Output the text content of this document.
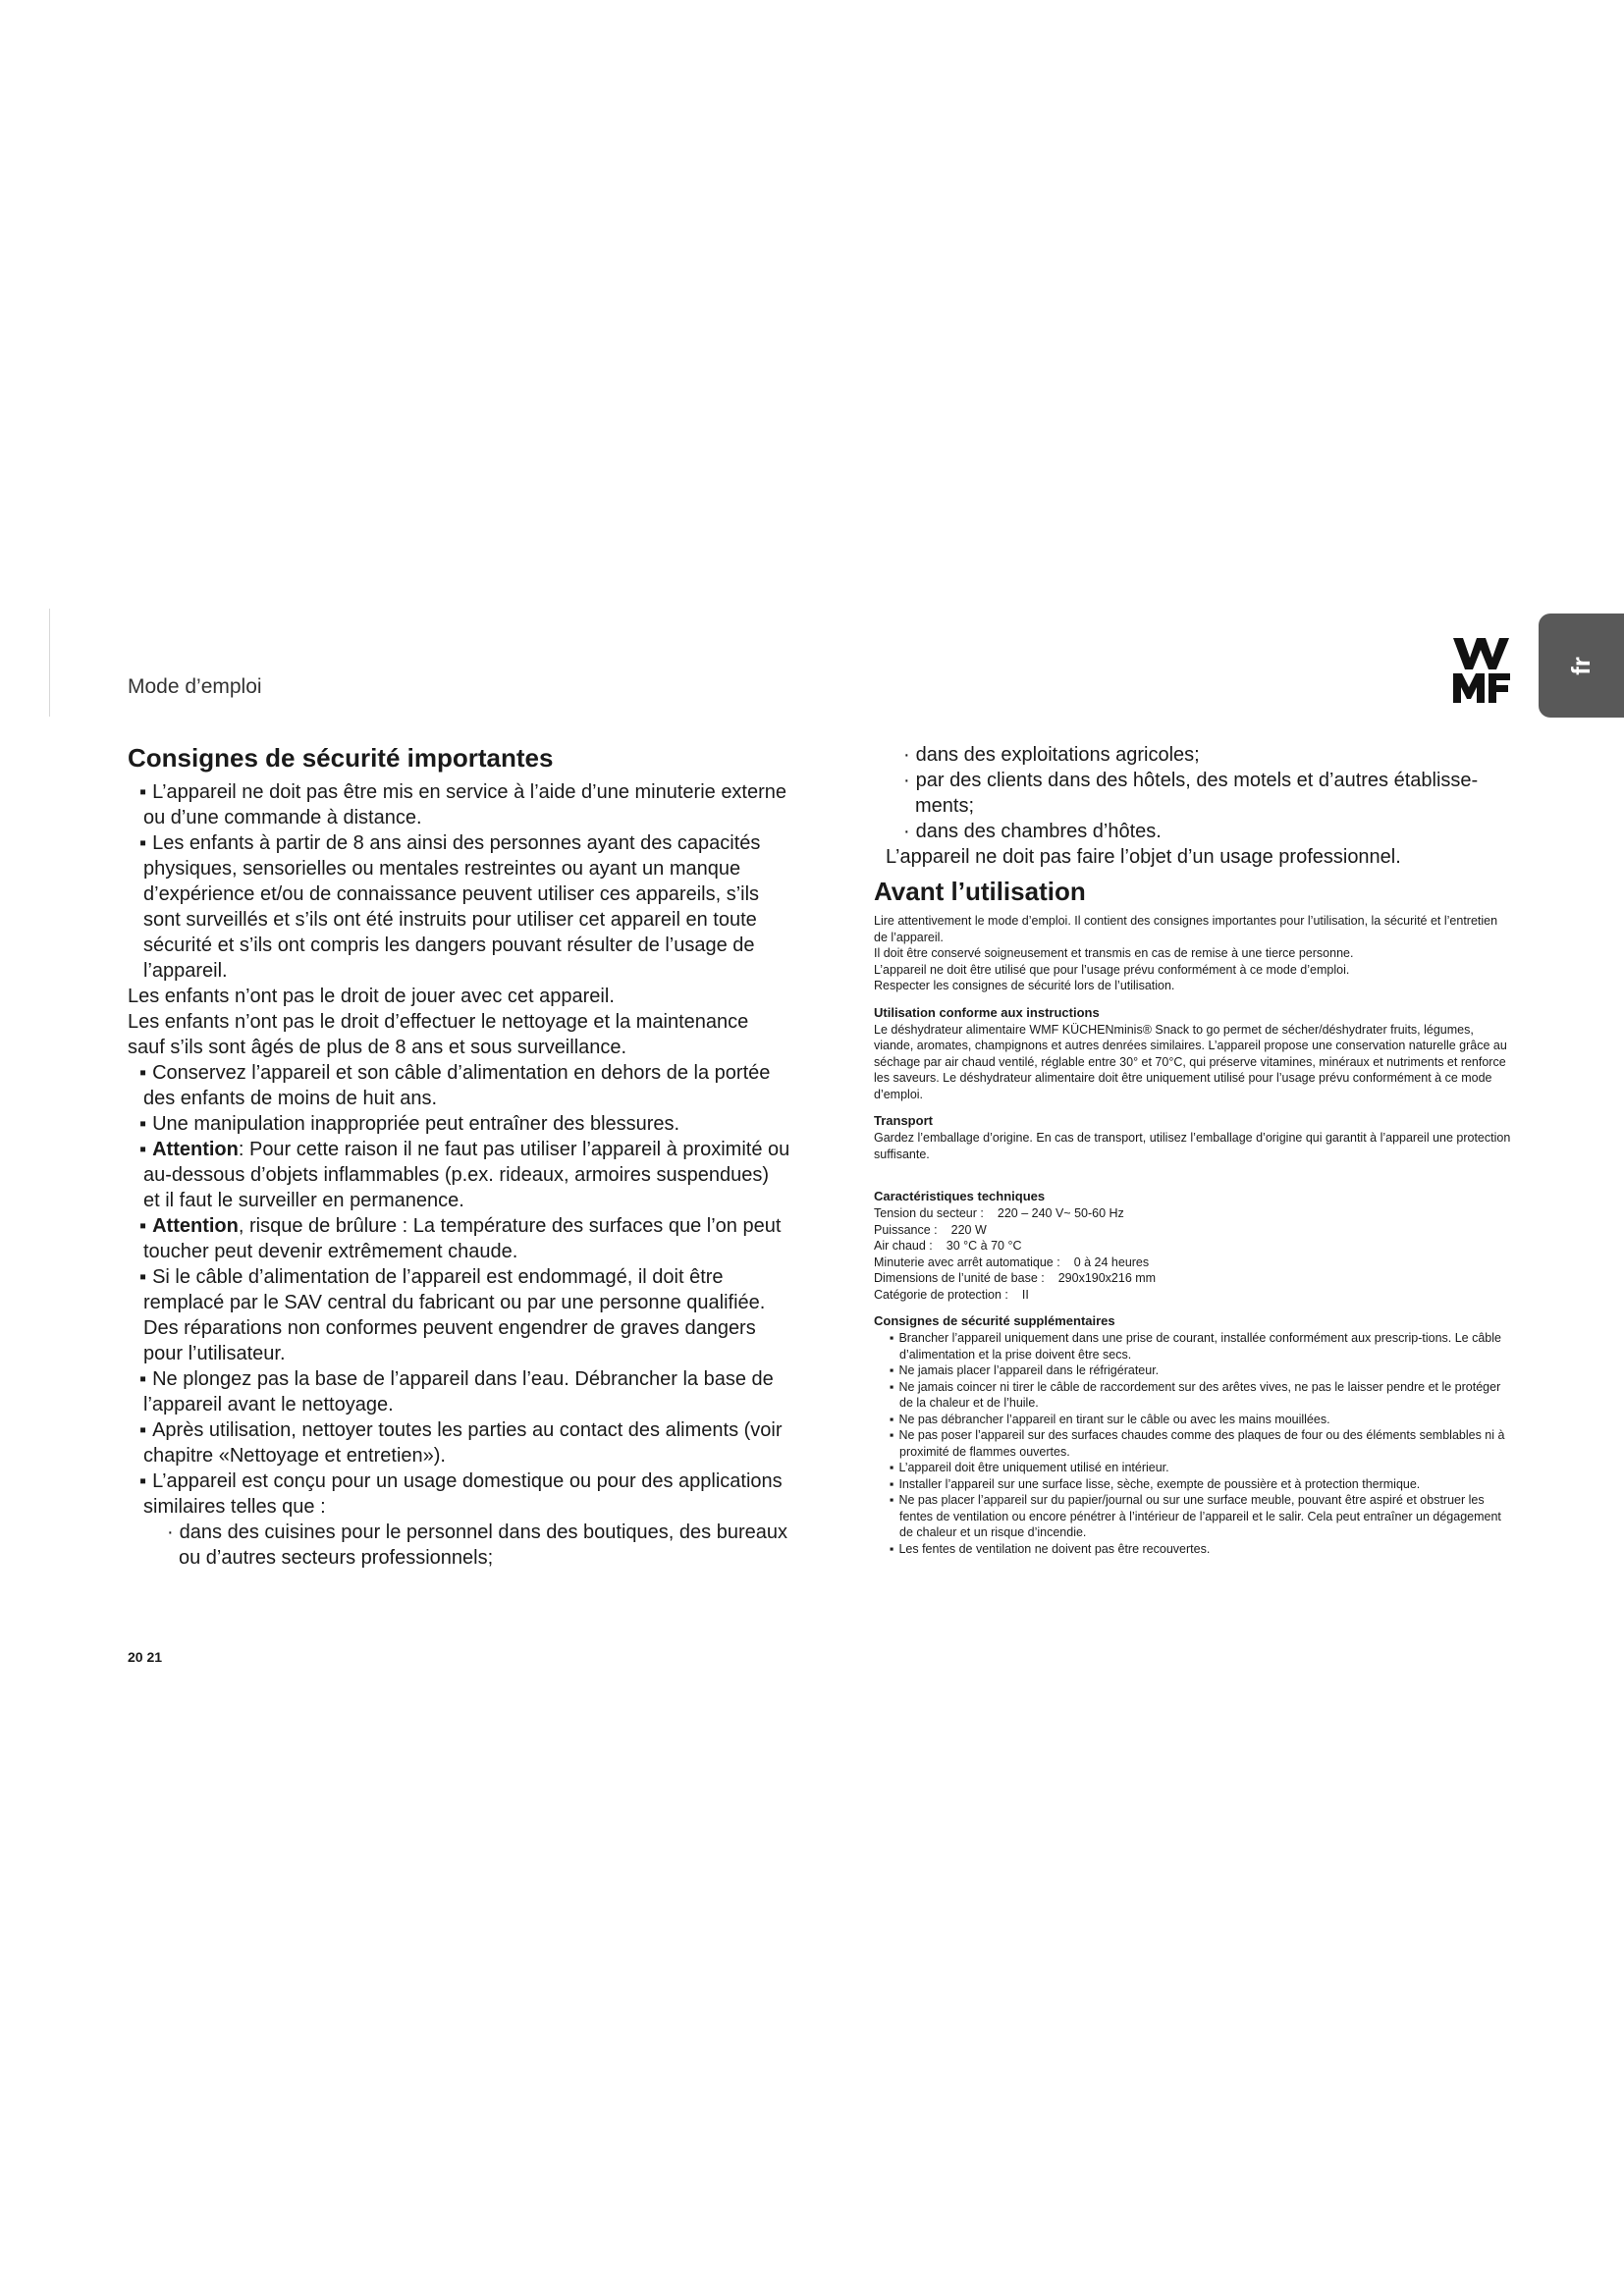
Mode d’emploi
fr
Consignes de sécurité importantes

▪ L’appareil ne doit pas être mis en service à l’aide d’une minuterie externe ou d’une commande à distance.

▪ Les enfants à partir de 8 ans ainsi des personnes ayant des capacités physiques, sensorielles ou mentales restreintes ou ayant un manque d’expérience et/ou de connaissance peuvent utiliser ces appareils, s’ils sont surveillés et s’ils ont été instruits pour utiliser cet appareil en toute sécurité et s’ils ont compris les dangers pouvant résulter de l’usage de l’appareil.

Les enfants n’ont pas le droit de jouer avec cet appareil.

Les enfants n’ont pas le droit d’effectuer le nettoyage et la maintenance sauf s’ils sont âgés de plus de 8 ans et sous surveillance.

▪ Conservez l’appareil et son câble d’alimentation en dehors de la portée des enfants de moins de huit ans.

▪ Une manipulation inappropriée peut entraîner des blessures.

▪ Attention: Pour cette raison il ne faut pas utiliser l’appareil à proximité ou au-dessous d’objets inflammables (p.ex. rideaux, armoires suspendues) et il faut le surveiller en permanence.

▪ Attention, risque de brûlure : La température des surfaces que l’on peut toucher peut devenir extrêmement chaude.

▪ Si le câble d’alimentation de l’appareil est endommagé, il doit être remplacé par le SAV central du fabricant ou par une personne qualifiée. Des réparations non conformes peuvent engendrer de graves dangers pour l’utilisateur.

▪ Ne plongez pas la base de l’appareil dans l’eau. Débrancher la base de l’appareil avant le nettoyage.

▪ Après utilisation, nettoyer toutes les parties au contact des aliments (voir chapitre «Nettoyage et entretien»).

▪ L’appareil est conçu pour un usage domestique ou pour des applications similaires telles que :

· dans des cuisines pour le personnel dans des boutiques, des bureaux ou d’autres secteurs professionnels;

· dans des exploitations agricoles;

· par des clients dans des hôtels, des motels et d’autres établisse-ments;

· dans des chambres d’hôtes.

L’appareil ne doit pas faire l’objet d’un usage professionnel.

Avant l’utilisation

Lire attentivement le mode d’emploi. Il contient des consignes importantes pour l’utilisation, la sécurité et l’entretien de l’appareil.

Il doit être conservé soigneusement et transmis en cas de remise à une tierce personne.

L’appareil ne doit être utilisé que pour l’usage prévu conformément à ce mode d’emploi.

Respecter les consignes de sécurité lors de l’utilisation.

Utilisation conforme aux instructions

Le déshydrateur alimentaire WMF KÜCHENminis® Snack to go permet de sécher/déshydrater fruits, légumes, viande, aromates, champignons et autres denrées similaires. L’appareil propose une conservation naturelle grâce au séchage par air chaud ventilé, réglable entre 30° et 70°C, qui préserve vitamines, minéraux et nutriments et renforce les saveurs. Le déshydrateur alimentaire doit être uniquement utilisé pour l’usage prévu conformément à ce mode d’emploi.

Transport

Gardez l’emballage d’origine. En cas de transport, utilisez l’emballage d’origine qui garantit à l’appareil une protection suffisante.

Caractéristiques techniques

Tension du secteur : 220 – 240 V~ 50-60 Hz

Puissance : 220 W

Air chaud : 30 °C à 70 °C

Minuterie avec arrêt automatique : 0 à 24 heures

Dimensions de l’unité de base : 290x190x216 mm

Catégorie de protection : II

Consignes de sécurité supplémentaires

▪ Brancher l’appareil uniquement dans une prise de courant, installée conformément aux prescrip-tions. Le câble d’alimentation et la prise doivent être secs.

▪ Ne jamais placer l’appareil dans le réfrigérateur.

▪ Ne jamais coincer ni tirer le câble de raccordement sur des arêtes vives, ne pas le laisser pendre et le protéger de la chaleur et de l’huile.

▪ Ne pas débrancher l’appareil en tirant sur le câble ou avec les mains mouillées.

▪ Ne pas poser l’appareil sur des surfaces chaudes comme des plaques de four ou des éléments semblables ni à proximité de flammes ouvertes.

▪ L’appareil doit être uniquement utilisé en intérieur.

▪ Installer l’appareil sur une surface lisse, sèche, exempte de poussière et à protection thermique.

▪ Ne pas placer l’appareil sur du papier/journal ou sur une surface meuble, pouvant être aspiré et obstruer les fentes de ventilation ou encore pénétrer à l’intérieur de l’appareil et le salir. Cela peut entraîner un dégagement de chaleur et un risque d’incendie.

▪ Les fentes de ventilation ne doivent pas être recouvertes.

20 21
